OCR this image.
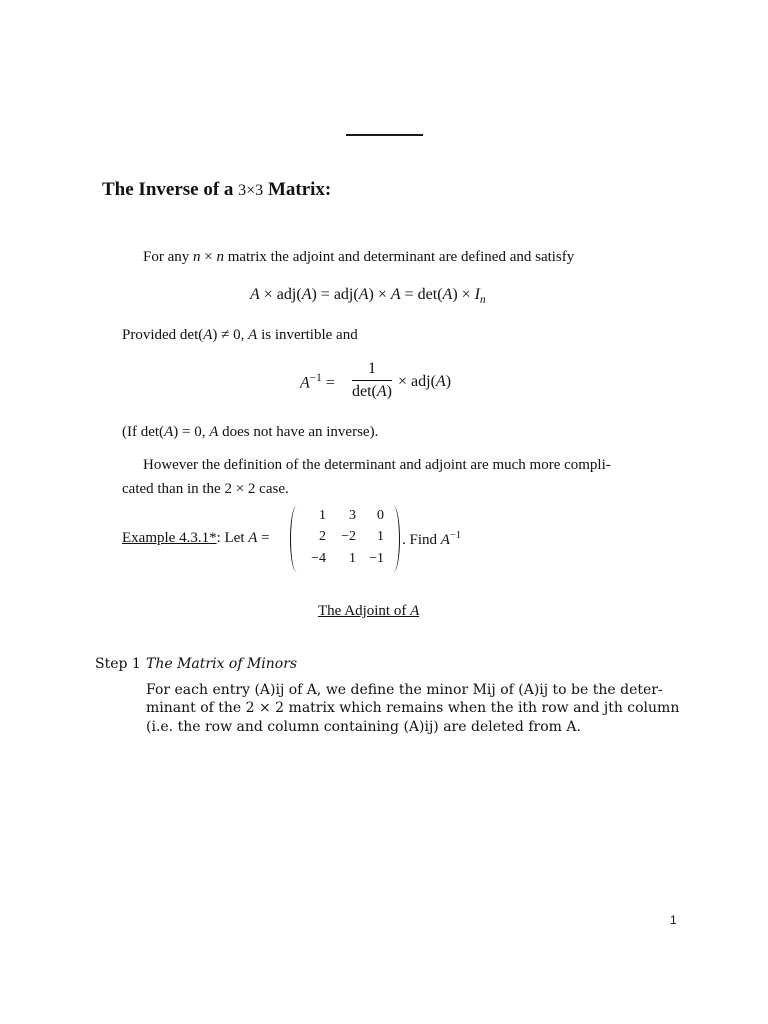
The Inverse of a 3×3 Matrix:
For any n × n matrix the adjoint and determinant are defined and satisfy
$A \times adj(A) = adj(A) \times A = \det(A) \times I_n$
Provided det(A) ≠ 0, A is invertible and
$A^{-1}$ =
1
det(A)
× adj(A)
(If det(A) = 0, A does not have an inverse).
However the definition of the determinant and adjoint are much more compli-
cated than in the 2 × 2 case.
Example 4.3.1*: Let A =
1	3	0
2	−2	1
−4	1 −1
. Find $A^{-1}$
The Adjoint of A
Step 1 The Matrix of Minors
For each entry (A)ij of A, we define the minor Mij of (A)ij to be the deter-
minant of the 2 × 2 matrix which remains when the ith row and jth column
(i.e. the row and column containing (A)ij) are deleted from A.
1
